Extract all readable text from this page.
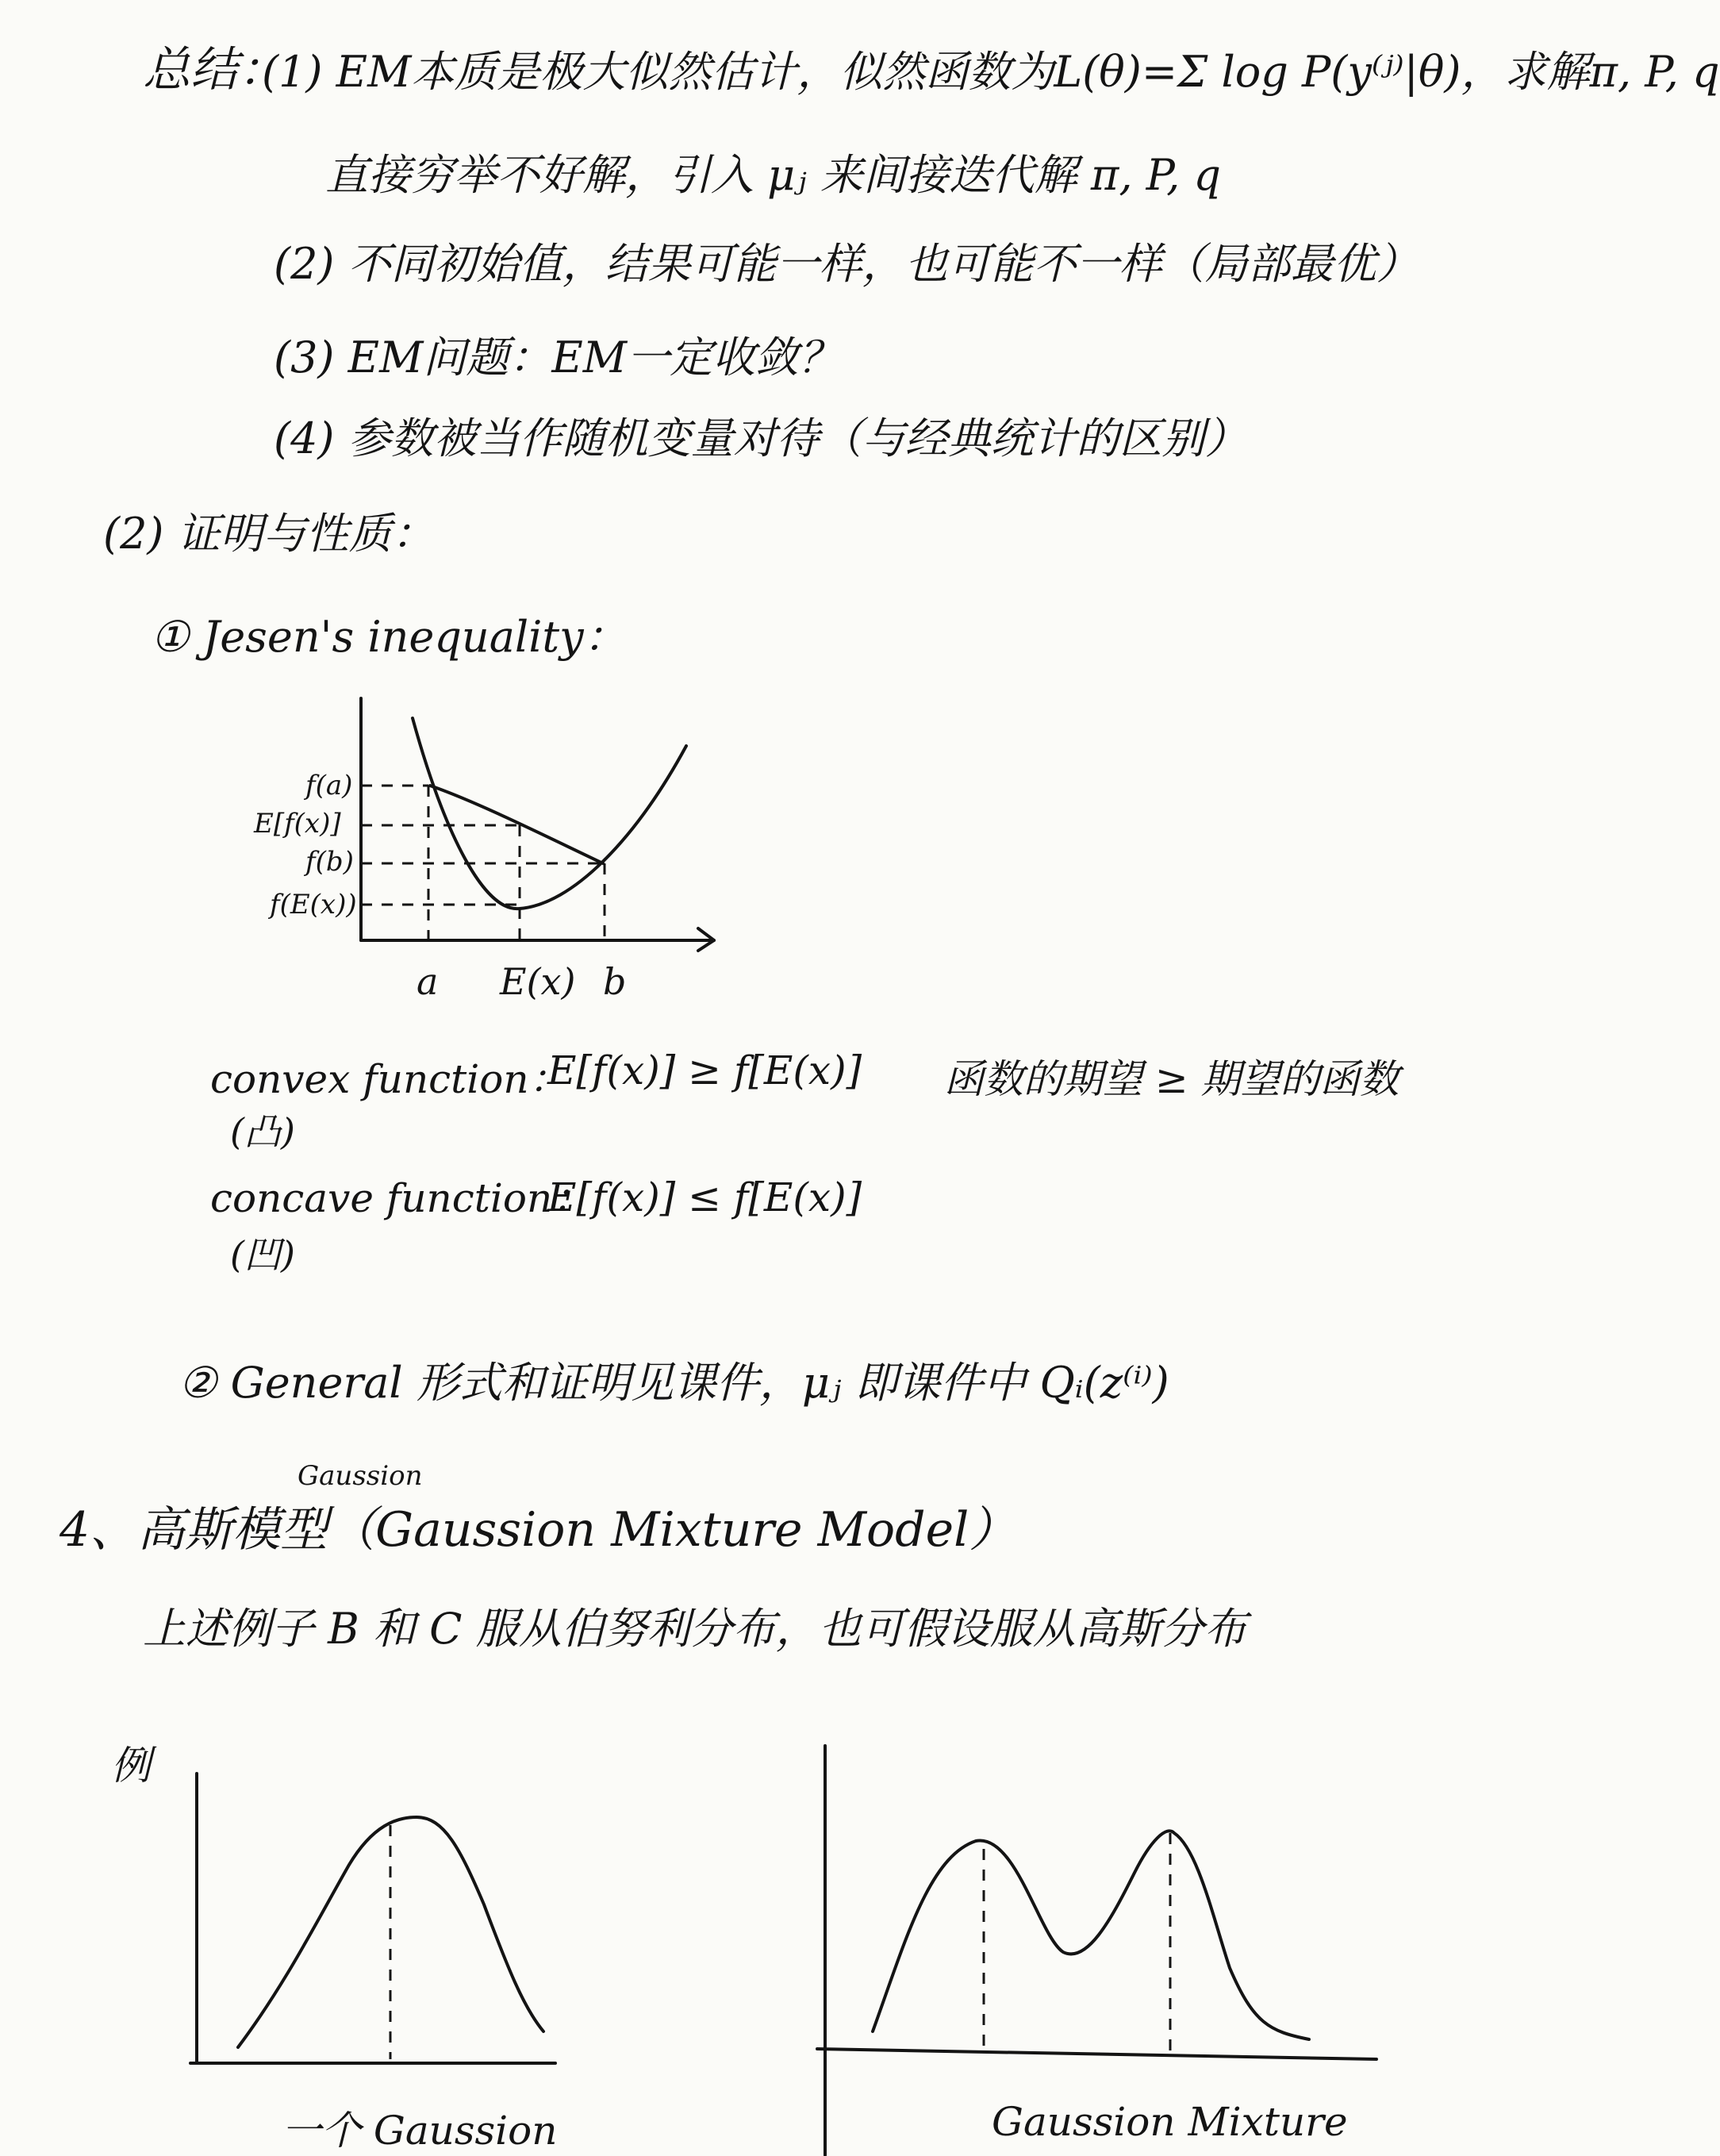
总结：
(1) EM本质是极大似然估计，似然函数为L(θ)=Σ log P(y⁽ʲ⁾|θ)，求解π, P, q
直接穷举不好解，引入 μⱼ 来间接迭代解 π, P, q
(2) 不同初始值，结果可能一样，也可能不一样（局部最优）
(3) EM问题：EM一定收敛？
(4) 参数被当作随机变量对待（与经典统计的区别）
(2) 证明与性质：
① Jesen's inequality：
f(a)
E[f(x)]
f(b)
f(E(x))
a E(x) b
convex function：
E[f(x)] ≥ f[E(x)] 函数的期望 ≥ 期望的函数
(凸)
concave function：
E[f(x)] ≤ f[E(x)]
(凹)
② General 形式和证明见课件，μⱼ 即课件中 Qᵢ(z⁽ⁱ⁾)
Gaussion
4、高斯模型（Gaussion Mixture Model）
上述例子 B 和 C 服从伯努利分布，也可假设服从高斯分布
例
一个 Gaussion	Gaussion Mixture
